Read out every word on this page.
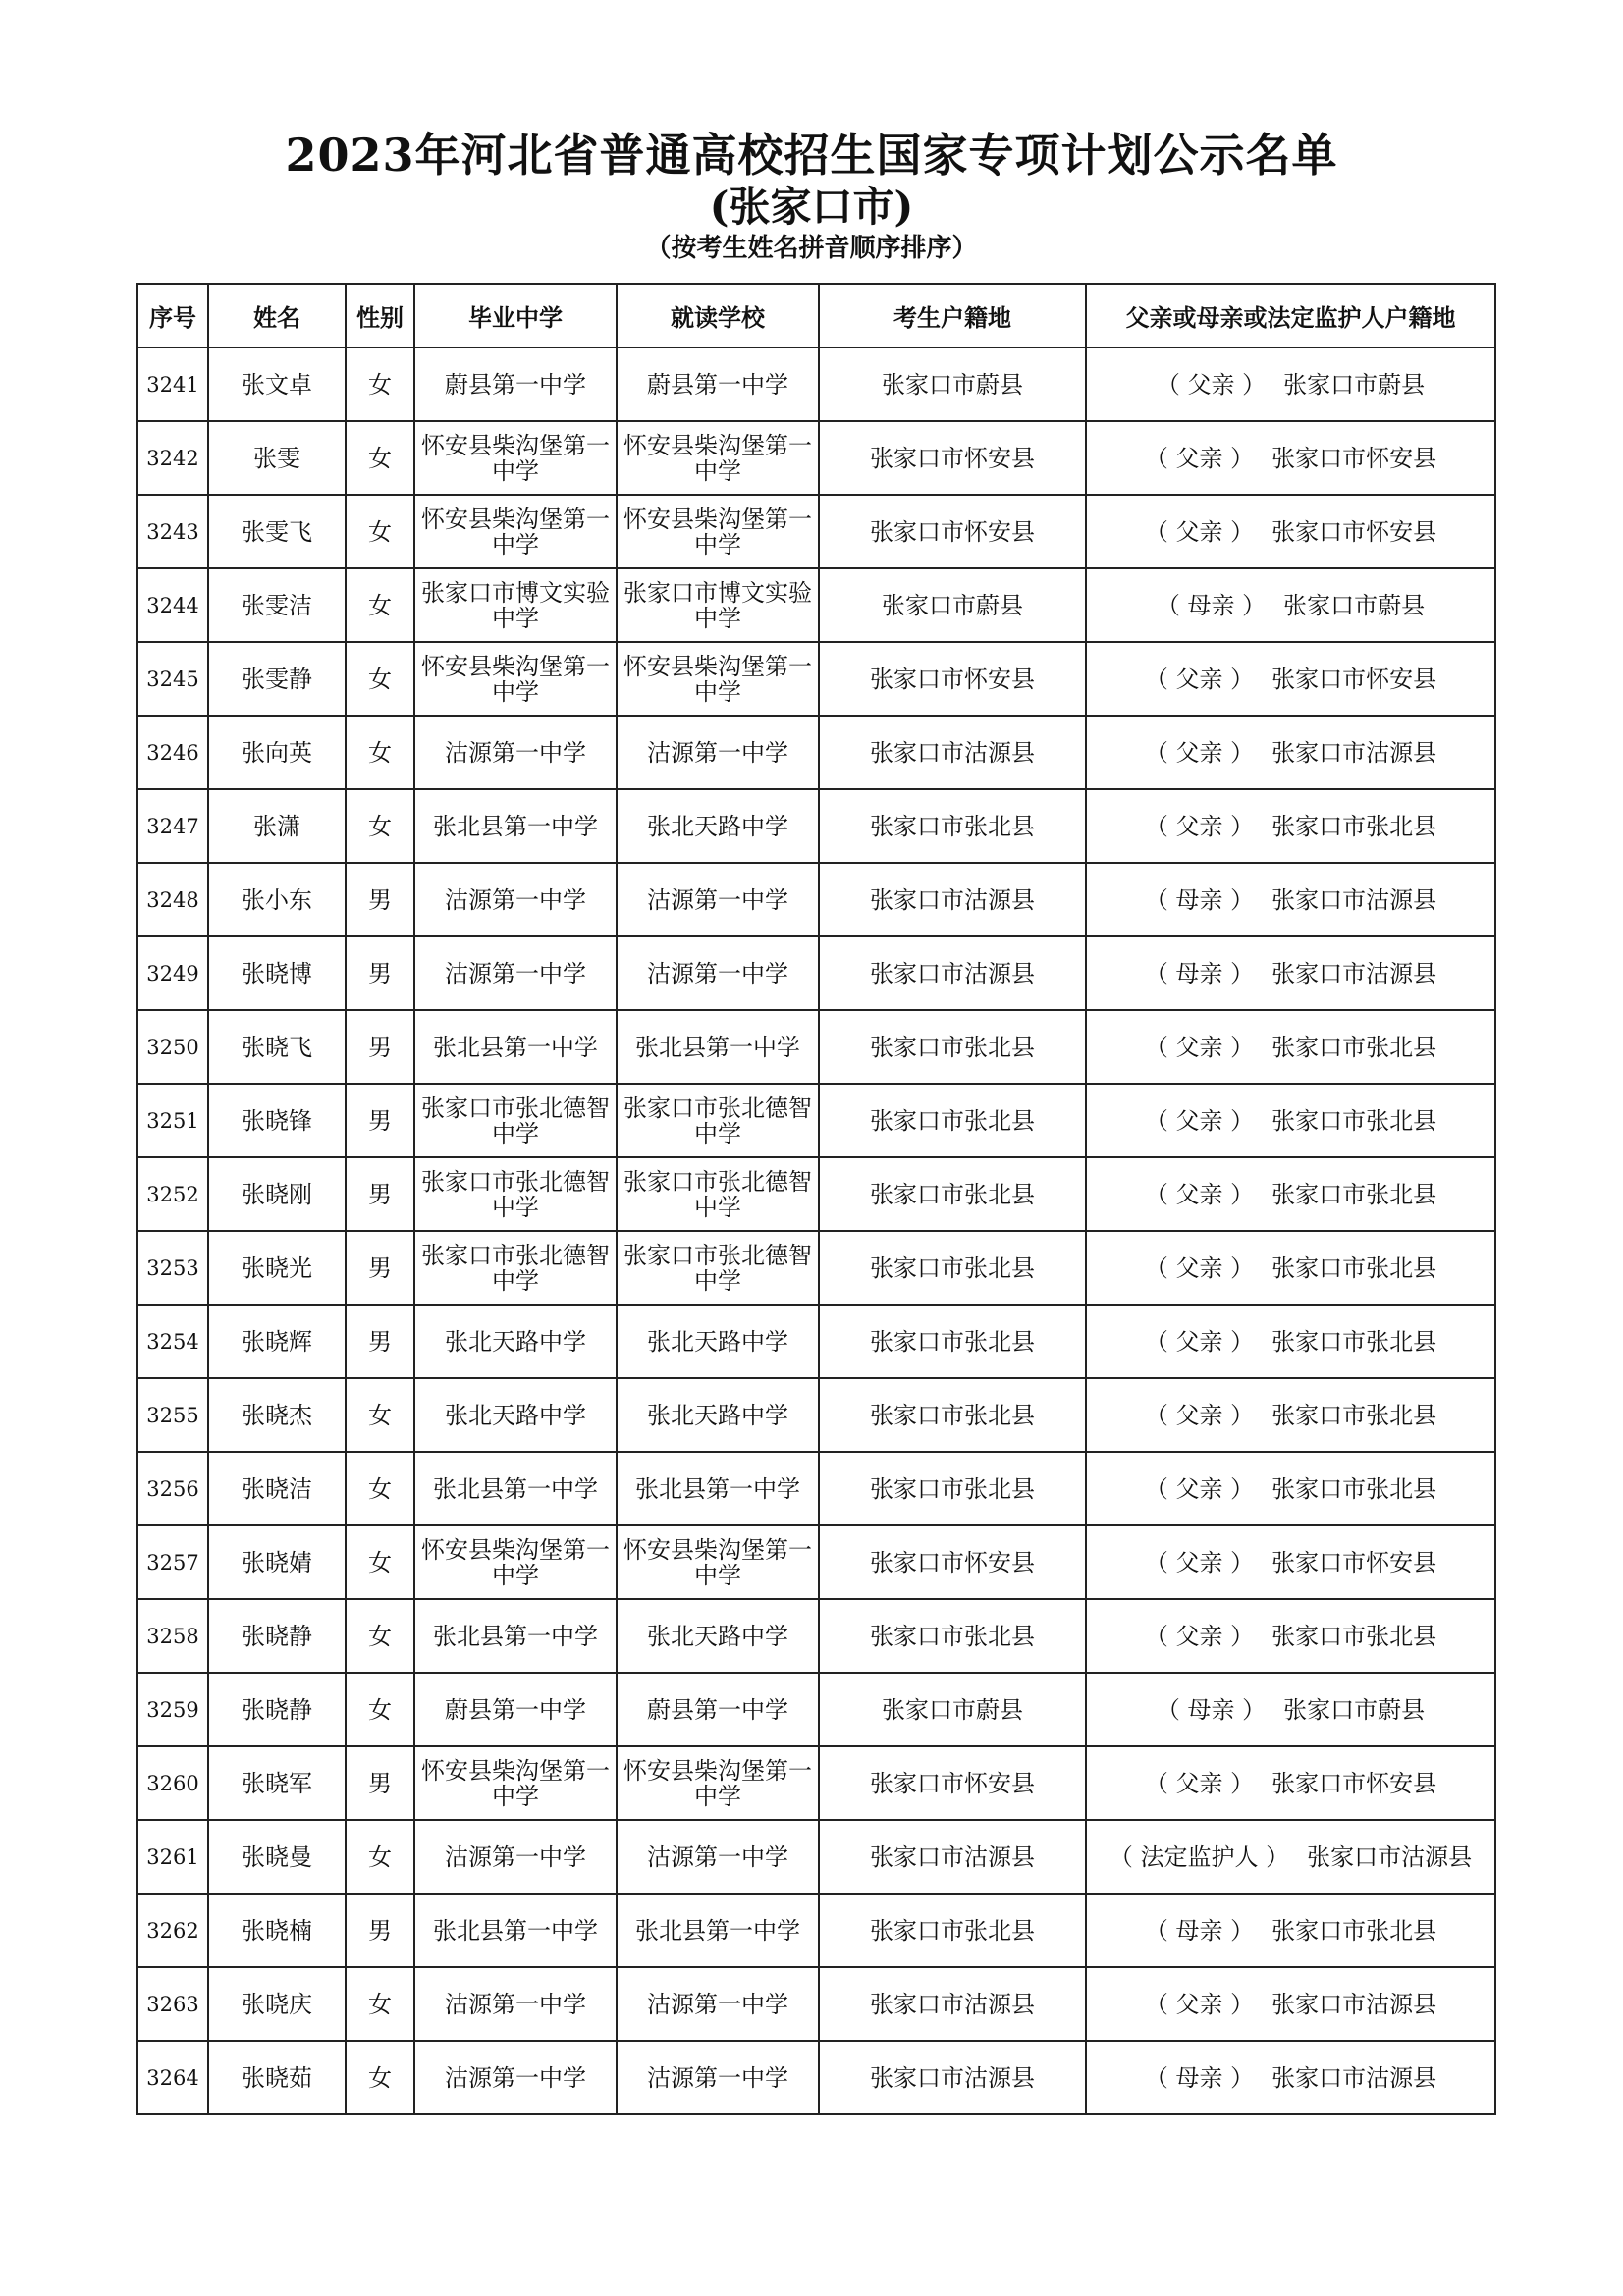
2023年河北省普通高校招生国家专项计划公示名单
(张家口市)
（按考生姓名拼音顺序排序）
序号	姓名	性别	毕业中学	就读学校	考生户籍地	父亲或母亲或法定监护人户籍地
3241	张文卓	女	蔚县第一中学	蔚县第一中学	张家口市蔚县	（ 父亲 ） 张家口市蔚县
3242	张雯	女	怀安县柴沟堡第一中学	怀安县柴沟堡第一中学	张家口市怀安县	（ 父亲 ） 张家口市怀安县
3243	张雯飞	女	怀安县柴沟堡第一中学	怀安县柴沟堡第一中学	张家口市怀安县	（ 父亲 ） 张家口市怀安县
3244	张雯洁	女	张家口市博文实验中学	张家口市博文实验中学	张家口市蔚县	（ 母亲 ） 张家口市蔚县
3245	张雯静	女	怀安县柴沟堡第一中学	怀安县柴沟堡第一中学	张家口市怀安县	（ 父亲 ） 张家口市怀安县
3246	张向英	女	沽源第一中学	沽源第一中学	张家口市沽源县	（ 父亲 ） 张家口市沽源县
3247	张潇	女	张北县第一中学	张北天路中学	张家口市张北县	（ 父亲 ） 张家口市张北县
3248	张小东	男	沽源第一中学	沽源第一中学	张家口市沽源县	（ 母亲 ） 张家口市沽源县
3249	张晓博	男	沽源第一中学	沽源第一中学	张家口市沽源县	（ 母亲 ） 张家口市沽源县
3250	张晓飞	男	张北县第一中学	张北县第一中学	张家口市张北县	（ 父亲 ） 张家口市张北县
3251	张晓锋	男	张家口市张北德智中学	张家口市张北德智中学	张家口市张北县	（ 父亲 ） 张家口市张北县
3252	张晓刚	男	张家口市张北德智中学	张家口市张北德智中学	张家口市张北县	（ 父亲 ） 张家口市张北县
3253	张晓光	男	张家口市张北德智中学	张家口市张北德智中学	张家口市张北县	（ 父亲 ） 张家口市张北县
3254	张晓辉	男	张北天路中学	张北天路中学	张家口市张北县	（ 父亲 ） 张家口市张北县
3255	张晓杰	女	张北天路中学	张北天路中学	张家口市张北县	（ 父亲 ） 张家口市张北县
3256	张晓洁	女	张北县第一中学	张北县第一中学	张家口市张北县	（ 父亲 ） 张家口市张北县
3257	张晓婧	女	怀安县柴沟堡第一中学	怀安县柴沟堡第一中学	张家口市怀安县	（ 父亲 ） 张家口市怀安县
3258	张晓静	女	张北县第一中学	张北天路中学	张家口市张北县	（ 父亲 ） 张家口市张北县
3259	张晓静	女	蔚县第一中学	蔚县第一中学	张家口市蔚县	（ 母亲 ） 张家口市蔚县
3260	张晓军	男	怀安县柴沟堡第一中学	怀安县柴沟堡第一中学	张家口市怀安县	（ 父亲 ） 张家口市怀安县
3261	张晓曼	女	沽源第一中学	沽源第一中学	张家口市沽源县	（ 法定监护人 ） 张家口市沽源县
3262	张晓楠	男	张北县第一中学	张北县第一中学	张家口市张北县	（ 母亲 ） 张家口市张北县
3263	张晓庆	女	沽源第一中学	沽源第一中学	张家口市沽源县	（ 父亲 ） 张家口市沽源县
3264	张晓茹	女	沽源第一中学	沽源第一中学	张家口市沽源县	（ 母亲 ） 张家口市沽源县
